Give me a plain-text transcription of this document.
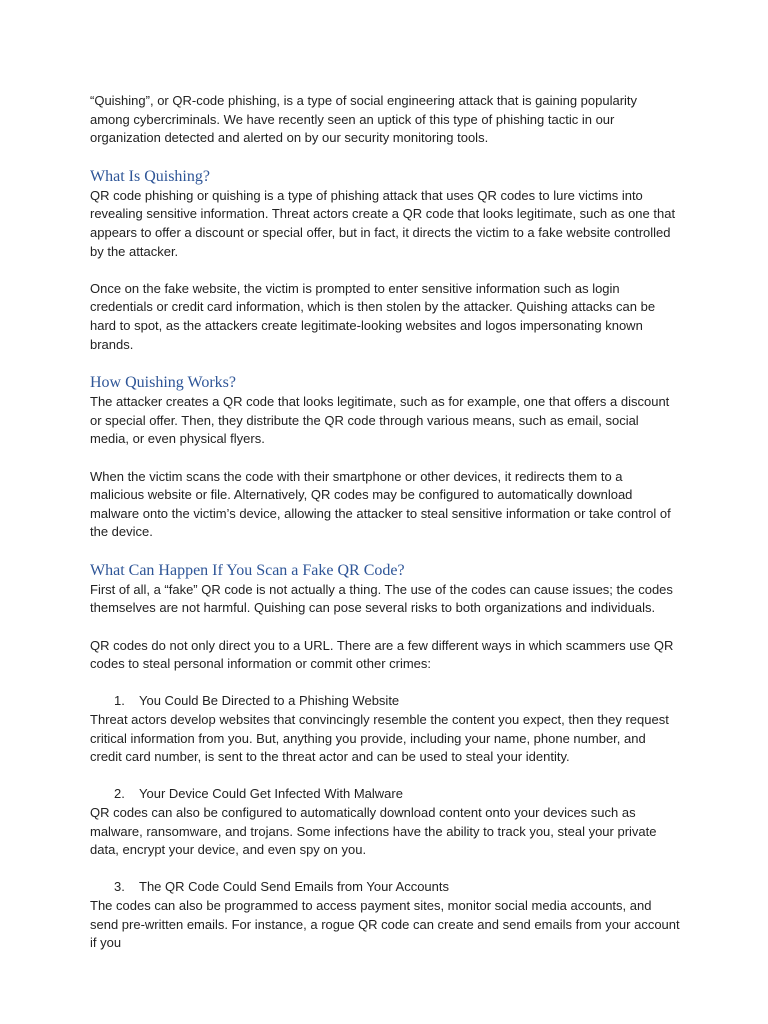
“Quishing”, or QR-code phishing, is a type of social engineering attack that is gaining popularity among cybercriminals. We have recently seen an uptick of this type of phishing tactic in our organization detected and alerted on by our security monitoring tools.

What Is Quishing?

QR code phishing or quishing is a type of phishing attack that uses QR codes to lure victims into revealing sensitive information. Threat actors create a QR code that looks legitimate, such as one that appears to offer a discount or special offer, but in fact, it directs the victim to a fake website controlled by the attacker.

Once on the fake website, the victim is prompted to enter sensitive information such as login credentials or credit card information, which is then stolen by the attacker. Quishing attacks can be hard to spot, as the attackers create legitimate-looking websites and logos impersonating known brands.

How Quishing Works?

The attacker creates a QR code that looks legitimate, such as for example, one that offers a discount or special offer. Then, they distribute the QR code through various means, such as email, social media, or even physical flyers.

When the victim scans the code with their smartphone or other devices, it redirects them to a malicious website or file. Alternatively, QR codes may be configured to automatically download malware onto the victim’s device, allowing the attacker to steal sensitive information or take control of the device.

What Can Happen If You Scan a Fake QR Code?

First of all, a “fake” QR code is not actually a thing. The use of the codes can cause issues; the codes themselves are not harmful. Quishing can pose several risks to both organizations and individuals.

QR codes do not only direct you to a URL. There are a few different ways in which scammers use QR codes to steal personal information or commit other crimes:

1.	You Could Be Directed to a Phishing Website

Threat actors develop websites that convincingly resemble the content you expect, then they request critical information from you. But, anything you provide, including your name, phone number, and credit card number, is sent to the threat actor and can be used to steal your identity.

2.	Your Device Could Get Infected With Malware

QR codes can also be configured to automatically download content onto your devices such as malware, ransomware, and trojans. Some infections have the ability to track you, steal your private data, encrypt your device, and even spy on you.

3.	The QR Code Could Send Emails from Your Accounts

The codes can also be programmed to access payment sites, monitor social media accounts, and send pre-written emails. For instance, a rogue QR code can create and send emails from your account if you
